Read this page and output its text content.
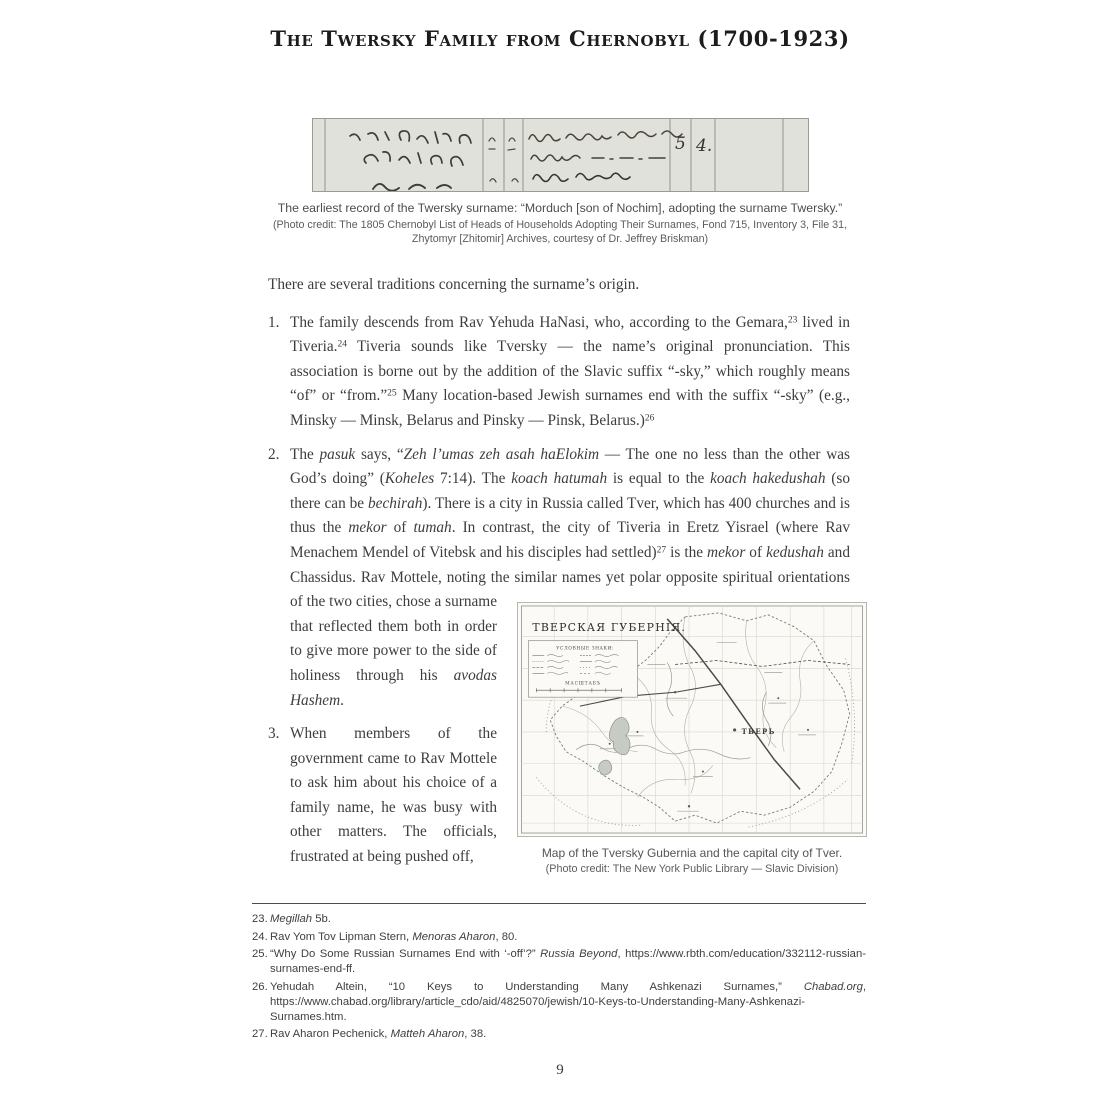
The Twersky Family from Chernobyl (1700-1923)
5 4.
The earliest record of the Twersky surname: “Morduch [son of Nochim], adopting the surname Twersky.”
(Photo credit: The 1805 Chernobyl List of Heads of Households Adopting Their Surnames, Fond 715, Inventory 3, File 31,
Zhytomyr [Zhitomir] Archives, courtesy of Dr. Jeffrey Briskman)

There are several traditions concerning the surname’s origin.

1. The family descends from Rav Yehuda HaNasi, who, according to the Gemara,$^{23}$ lived in Tiveria.$^{24}$ Tiveria sounds like Tversky — the name’s original pronunciation. This association is borne out by the addition of the Slavic suffix “-sky,” which roughly means “of” or “from.”$^{25}$ Many location-based Jewish surnames end with the suffix “-sky” (e.g., Minsky — Minsk, Belarus and Pinsky — Pinsk, Belarus.)$^{26}$
2. The pasuk says, “Zeh l’umas zeh asah haElokim — The one no less than the other was God’s doing” (Koheles 7:14). The koach hatumah is equal to the koach hakedushah (so there can be bechirah). There is a city in Russia called Tver, which has 400 churches and is thus the mekor of tumah. In contrast, the city of Tiveria in Eretz Yisrael (where Rav Menachem Mendel of Vitebsk and his disciples had settled)$^{27}$ is the mekor of kedushah and Chassidus. Rav Mottele, noting the similar names yet
ТВЕРСКАЯ ГУБЕРНІЯ.
УСЛОВНЫЕ ЗНАКИ:
МАСШТАБЪ
ТВЕРЬ
Map of the Tversky Gubernia and the capital city of Tver.
(Photo credit: The New York Public Library — Slavic Division)
polar opposite spiritual orientations of the two cities, chose a surname that reflected them both in order to give more power to the side of holiness through his avodas Hashem.
3. When members of the government came to Rav Mottele to ask him about his choice of a family name, he was busy with other matters. The officials, frustrated at being pushed off,
23. Megillah 5b.
24. Rav Yom Tov Lipman Stern, Menoras Aharon, 80.
25. “Why Do Some Russian Surnames End with ‘-off’?” Russia Beyond, https://www.rbth.com/education/332112-russian-surnames-end-ff.
26. Yehudah Altein, “10 Keys to Understanding Many Ashkenazi Surnames,” Chabad.org, https://www.chabad.org/library/article_cdo/aid/4825070/jewish/10-Keys-to-Understanding-Many-Ashkenazi-Surnames.htm.
27. Rav Aharon Pechenick, Matteh Aharon, 38.
9
